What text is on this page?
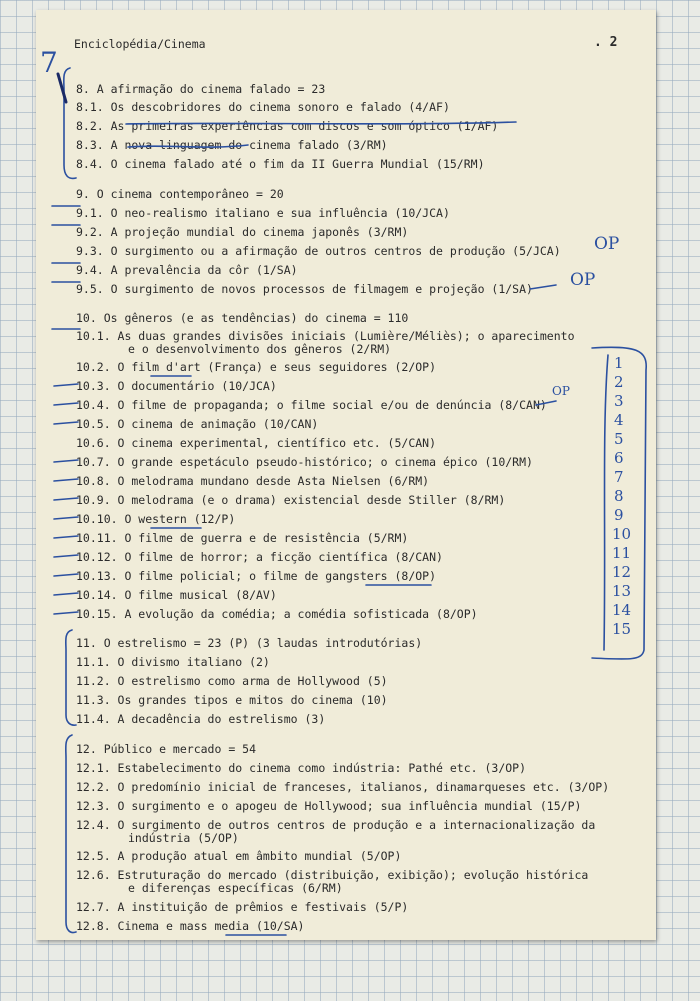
Enciclopédia/Cinema	. 2
8. A afirmação do cinema falado = 23
8.1. Os descobridores do cinema sonoro e falado (4/AF)
8.2. As primeiras experiências com discos e som óptico (1/AF)
8.3. A nova linguagem do cinema falado (3/RM)
8.4. O cinema falado até o fim da II Guerra Mundial (15/RM)
9. O cinema contemporâneo = 20
9.1. O neo-realismo italiano e sua influência (10/JCA)
9.2. A projeção mundial do cinema japonês (3/RM)
9.3. O surgimento ou a afirmação de outros centros de produção (5/JCA)
9.4. A prevalência da côr (1/SA)
9.5. O surgimento de novos processos de filmagem e projeção (1/SA)
10. Os gêneros (e as tendências) do cinema = 110
10.1. As duas grandes divisões iniciais (Lumière/Méliès); o aparecimento
e o desenvolvimento dos gêneros (2/RM)
10.2. O film d'art (França) e seus seguidores (2/OP)
10.3. O documentário (10/JCA)
10.4. O filme de propaganda; o filme social e/ou de denúncia (8/CAN)
10.5. O cinema de animação (10/CAN)
10.6. O cinema experimental, científico etc. (5/CAN)
10.7. O grande espetáculo pseudo-histórico; o cinema épico (10/RM)
10.8. O melodrama mundano desde Asta Nielsen (6/RM)
10.9. O melodrama (e o drama) existencial desde Stiller (8/RM)
10.10. O western (12/P)
10.11. O filme de guerra e de resistência (5/RM)
10.12. O filme de horror; a ficção científica (8/CAN)
10.13. O filme policial; o filme de gangsters (8/OP)
10.14. O filme musical (8/AV)
10.15. A evolução da comédia; a comédia sofisticada (8/OP)
11. O estrelismo = 23 (P) (3 laudas introdutórias)
11.1. O divismo italiano (2)
11.2. O estrelismo como arma de Hollywood (5)
11.3. Os grandes tipos e mitos do cinema (10)
11.4. A decadência do estrelismo (3)
12. Público e mercado = 54
12.1. Estabelecimento do cinema como indústria: Pathé etc. (3/OP)
12.2. O predomínio inicial de franceses, italianos, dinamarqueses etc. (3/OP)
12.3. O surgimento e o apogeu de Hollywood; sua influência mundial (15/P)
12.4. O surgimento de outros centros de produção e a internacionalização da
indústria (5/OP)
12.5. A produção atual em âmbito mundial (5/OP)
12.6. Estruturação do mercado (distribuição, exibição); evolução histórica
e diferenças específicas (6/RM)
12.7. A instituição de prêmios e festivais (5/P)
12.8. Cinema e mass media (10/SA)
7
OP
OP
OP
1
2
3
4
5
6
7
8
9
10
11
12
13
14
15
